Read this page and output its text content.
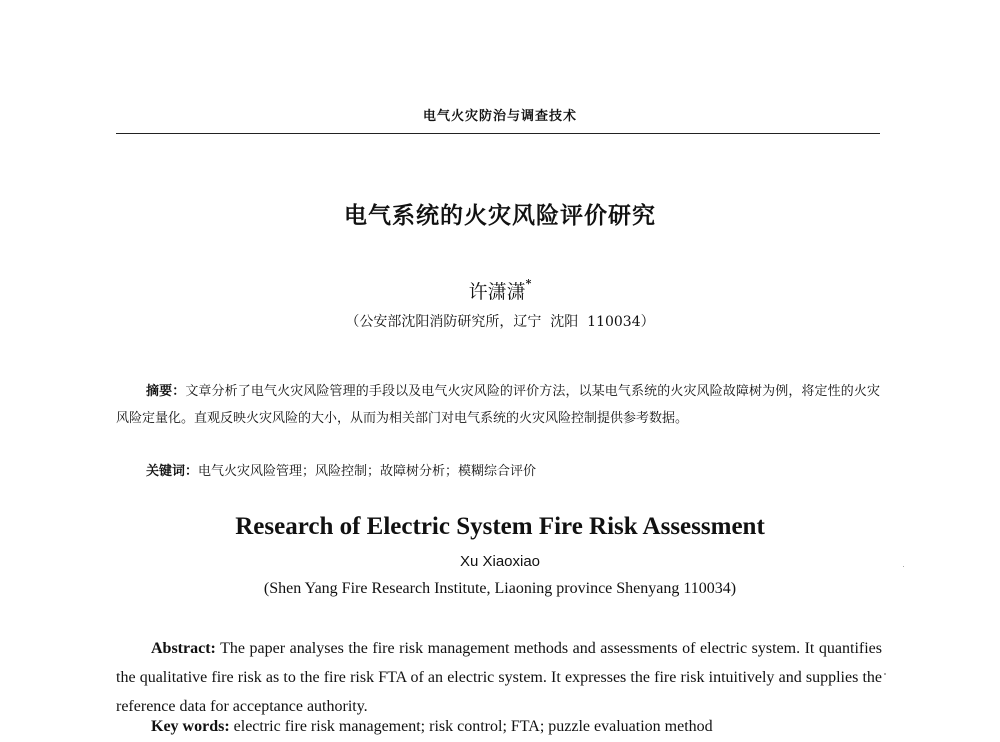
电气火灾防治与调查技术
电气系统的火灾风险评价研究
许潇潇*
（公安部沈阳消防研究所，辽宁  沈阳  110034）
摘要：文章分析了电气火灾风险管理的手段以及电气火灾风险的评价方法，以某电气系统的火灾风险故障树为例，将定性的火灾风险定量化。直观反映火灾风险的大小，从而为相关部门对电气系统的火灾风险控制提供参考数据。
关键词：电气火灾风险管理；风险控制；故障树分析；模糊综合评价
Research of Electric System Fire Risk Assessment
Xu Xiaoxiao
(Shen Yang Fire Research Institute, Liaoning province Shenyang 110034)
Abstract: The paper analyses the fire risk management methods and assessments of electric system. It quantifies the qualitative fire risk as to the fire risk FTA of an electric system. It expresses the fire risk intuitively and supplies the reference data for acceptance authority.
Key words: electric fire risk management; risk control; FTA; puzzle evaluation method
